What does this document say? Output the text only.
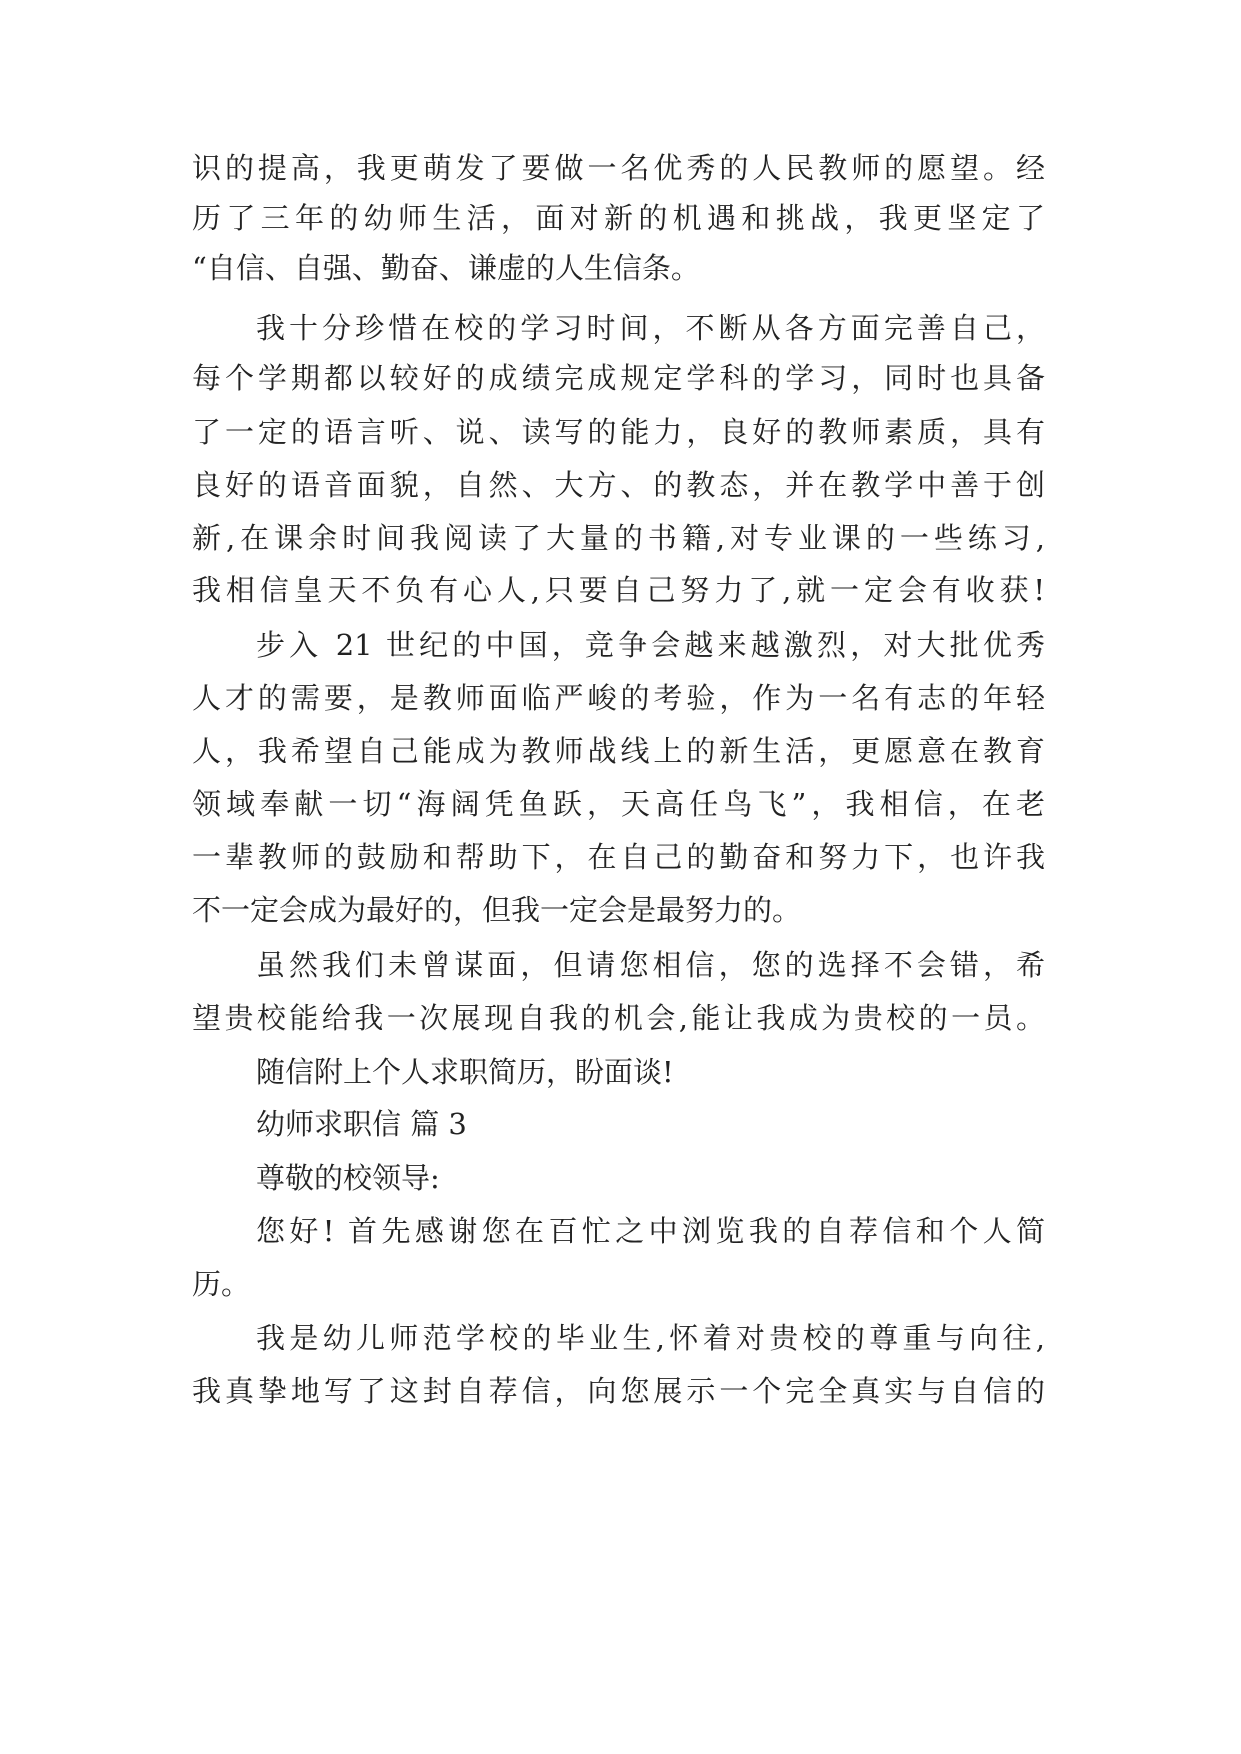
识的提高，我更萌发了要做一名优秀的人民教师的愿望。经

历了三年的幼师生活，面对新的机遇和挑战，我更坚定了

“自信、自强、勤奋、谦虚的人生信条。

我十分珍惜在校的学习时间，不断从各方面完善自己，

每个学期都以较好的成绩完成规定学科的学习，同时也具备

了一定的语言听、说、读写的能力，良好的教师素质，具有

良好的语音面貌，自然、大方、的教态，并在教学中善于创

新,在课余时间我阅读了大量的书籍,对专业课的一些练习,

我相信皇天不负有心人,只要自己努力了,就一定会有收获!

步入 21 世纪的中国，竞争会越来越激烈，对大批优秀

人才的需要，是教师面临严峻的考验，作为一名有志的年轻

人，我希望自己能成为教师战线上的新生活，更愿意在教育

领域奉献一切“海阔凭鱼跃，天高任鸟飞”，我相信，在老

一辈教师的鼓励和帮助下，在自己的勤奋和努力下，也许我

不一定会成为最好的，但我一定会是最努力的。

虽然我们未曾谋面，但请您相信，您的选择不会错，希

望贵校能给我一次展现自我的机会,能让我成为贵校的一员。

随信附上个人求职简历，盼面谈!

幼师求职信 篇 3

尊敬的校领导:

您好! 首先感谢您在百忙之中浏览我的自荐信和个人简

历。

我是幼儿师范学校的毕业生,怀着对贵校的尊重与向往,

我真挚地写了这封自荐信，向您展示一个完全真实与自信的
